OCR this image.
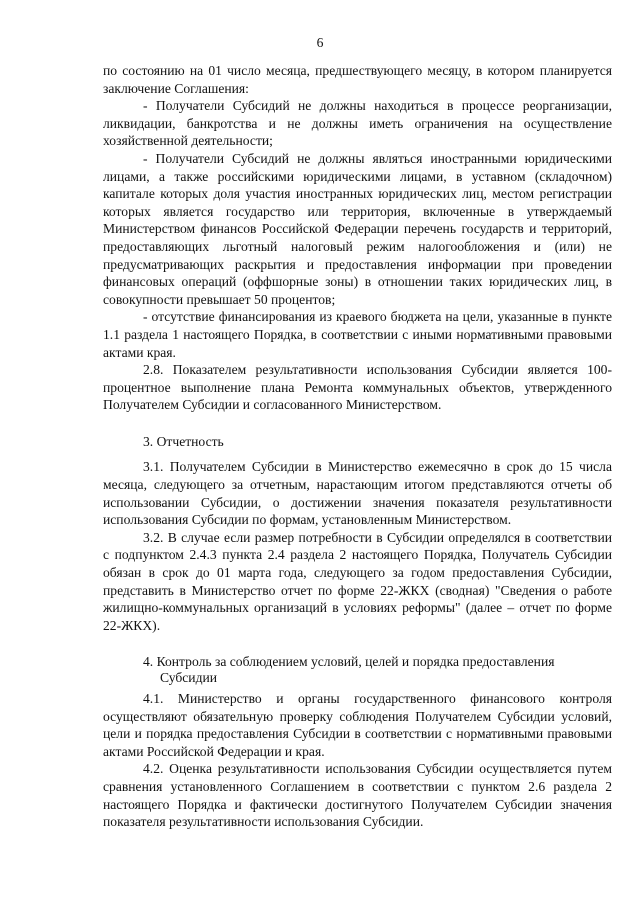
6

по состоянию на 01 число месяца, предшествующего месяцу, в котором планируется заключение Соглашения:

- Получатели Субсидий не должны находиться в процессе реорганизации, ликвидации, банкротства и не должны иметь ограничения на осуществление хозяйственной деятельности;

- Получатели Субсидий не должны являться иностранными юридическими лицами, а также российскими юридическими лицами, в уставном (складочном) капитале которых доля участия иностранных юридических лиц, местом регистрации которых является государство или территория, включенные в утверждаемый Министерством финансов Российской Федерации перечень государств и территорий, предоставляющих льготный налоговый режим налогообложения и (или) не предусматривающих раскрытия и предоставления информации при проведении финансовых операций (оффшорные зоны) в отношении таких юридических лиц, в совокупности превышает 50 процентов;

- отсутствие финансирования из краевого бюджета на цели, указанные в пункте 1.1 раздела 1 настоящего Порядка, в соответствии с иными нормативными правовыми актами края.

2.8. Показателем результативности использования Субсидии является 100-процентное выполнение плана Ремонта коммунальных объектов, утвержденного Получателем Субсидии и согласованного Министерством.

3. Отчетность

3.1. Получателем Субсидии в Министерство ежемесячно в срок до 15 числа месяца, следующего за отчетным, нарастающим итогом представляются отчеты об использовании Субсидии, о достижении значения показателя результативности использования Субсидии по формам, установленным Министерством.

3.2. В случае если размер потребности в Субсидии определялся в соответствии с подпунктом 2.4.3 пункта 2.4 раздела 2 настоящего Порядка, Получатель Субсидии обязан в срок до 01 марта года, следующего за годом предоставления Субсидии, представить в Министерство отчет по форме 22-ЖКХ (сводная) "Сведения о работе жилищно-коммунальных организаций в условиях реформы" (далее – отчет по форме 22-ЖКХ).

4. Контроль за соблюдением условий, целей и порядка предоставления
Субсидии

4.1. Министерство и органы государственного финансового контроля осуществляют обязательную проверку соблюдения Получателем Субсидии условий, цели и порядка предоставления Субсидии в соответствии с нормативными правовыми актами Российской Федерации и края.

4.2. Оценка результативности использования Субсидии осуществляется путем сравнения установленного Соглашением в соответствии с пунктом 2.6 раздела 2 настоящего Порядка и фактически достигнутого Получателем Субсидии значения показателя результативности использования Субсидии.
